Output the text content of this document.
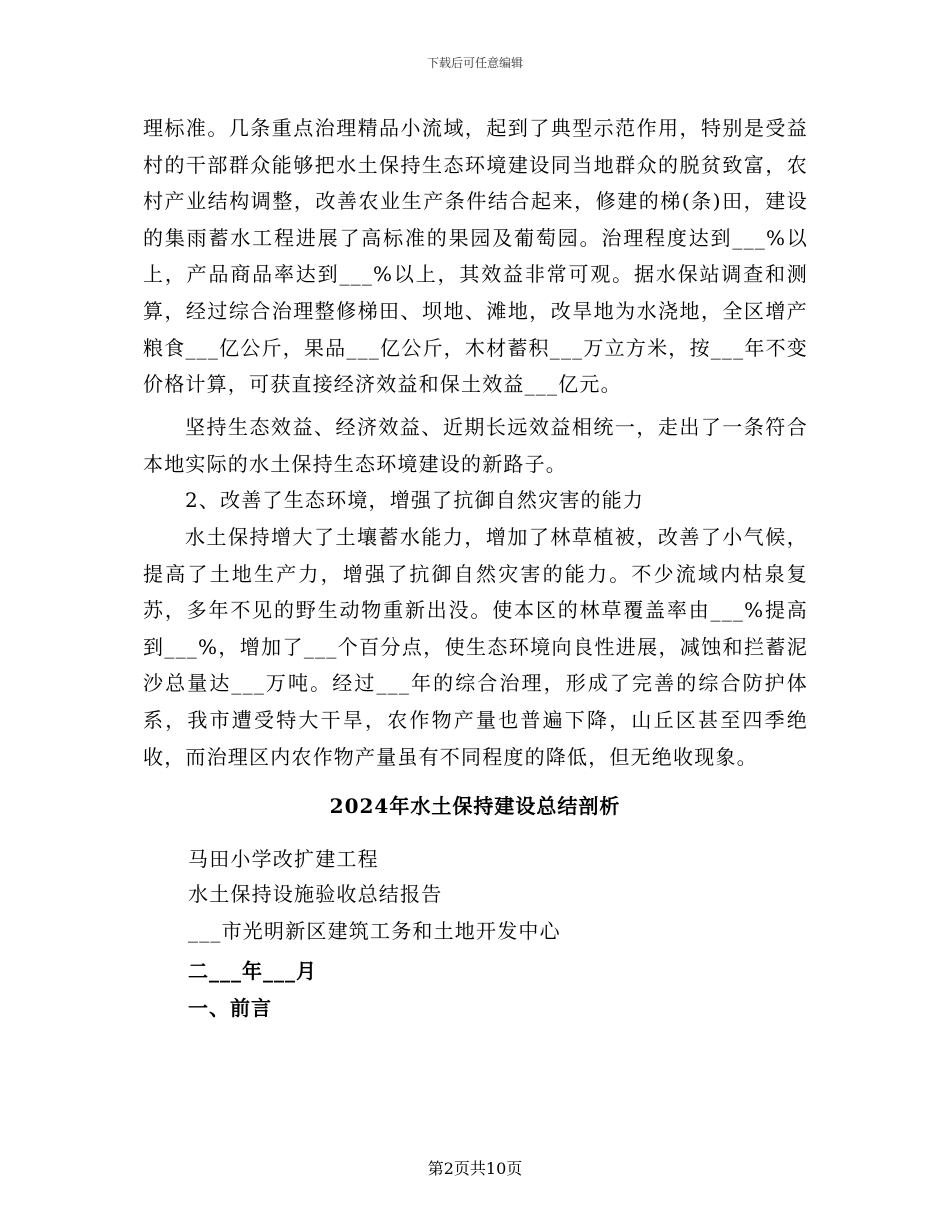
下载后可任意编辑

理标准。几条重点治理精品小流域，起到了典型示范作用，特别是受益村的干部群众能够把水土保持生态环境建设同当地群众的脱贫致富，农村产业结构调整，改善农业生产条件结合起来，修建的梯(条)田，建设的集雨蓄水工程进展了高标准的果园及葡萄园。治理程度达到___%以上，产品商品率达到___%以上，其效益非常可观。据水保站调查和测算，经过综合治理整修梯田、坝地、滩地，改旱地为水浇地，全区增产粮食___亿公斤，果品___亿公斤，木材蓄积___万立方米，按___年不变价格计算，可获直接经济效益和保土效益___亿元。

坚持生态效益、经济效益、近期长远效益相统一，走出了一条符合本地实际的水土保持生态环境建设的新路子。

2、改善了生态环境，增强了抗御自然灾害的能力

水土保持增大了土壤蓄水能力，增加了林草植被，改善了小气候，提高了土地生产力，增强了抗御自然灾害的能力。不少流域内枯泉复苏，多年不见的野生动物重新出没。使本区的林草覆盖率由___%提高到___%，增加了___个百分点，使生态环境向良性进展，减蚀和拦蓄泥沙总量达___万吨。经过___年的综合治理，形成了完善的综合防护体系，我市遭受特大干旱，农作物产量也普遍下降，山丘区甚至四季绝收，而治理区内农作物产量虽有不同程度的降低，但无绝收现象。

2024年水土保持建设总结剖析
马田小学改扩建工程
水土保持设施验收总结报告
___市光明新区建筑工务和土地开发中心
二___年___月
一、前言
第2页共10页
